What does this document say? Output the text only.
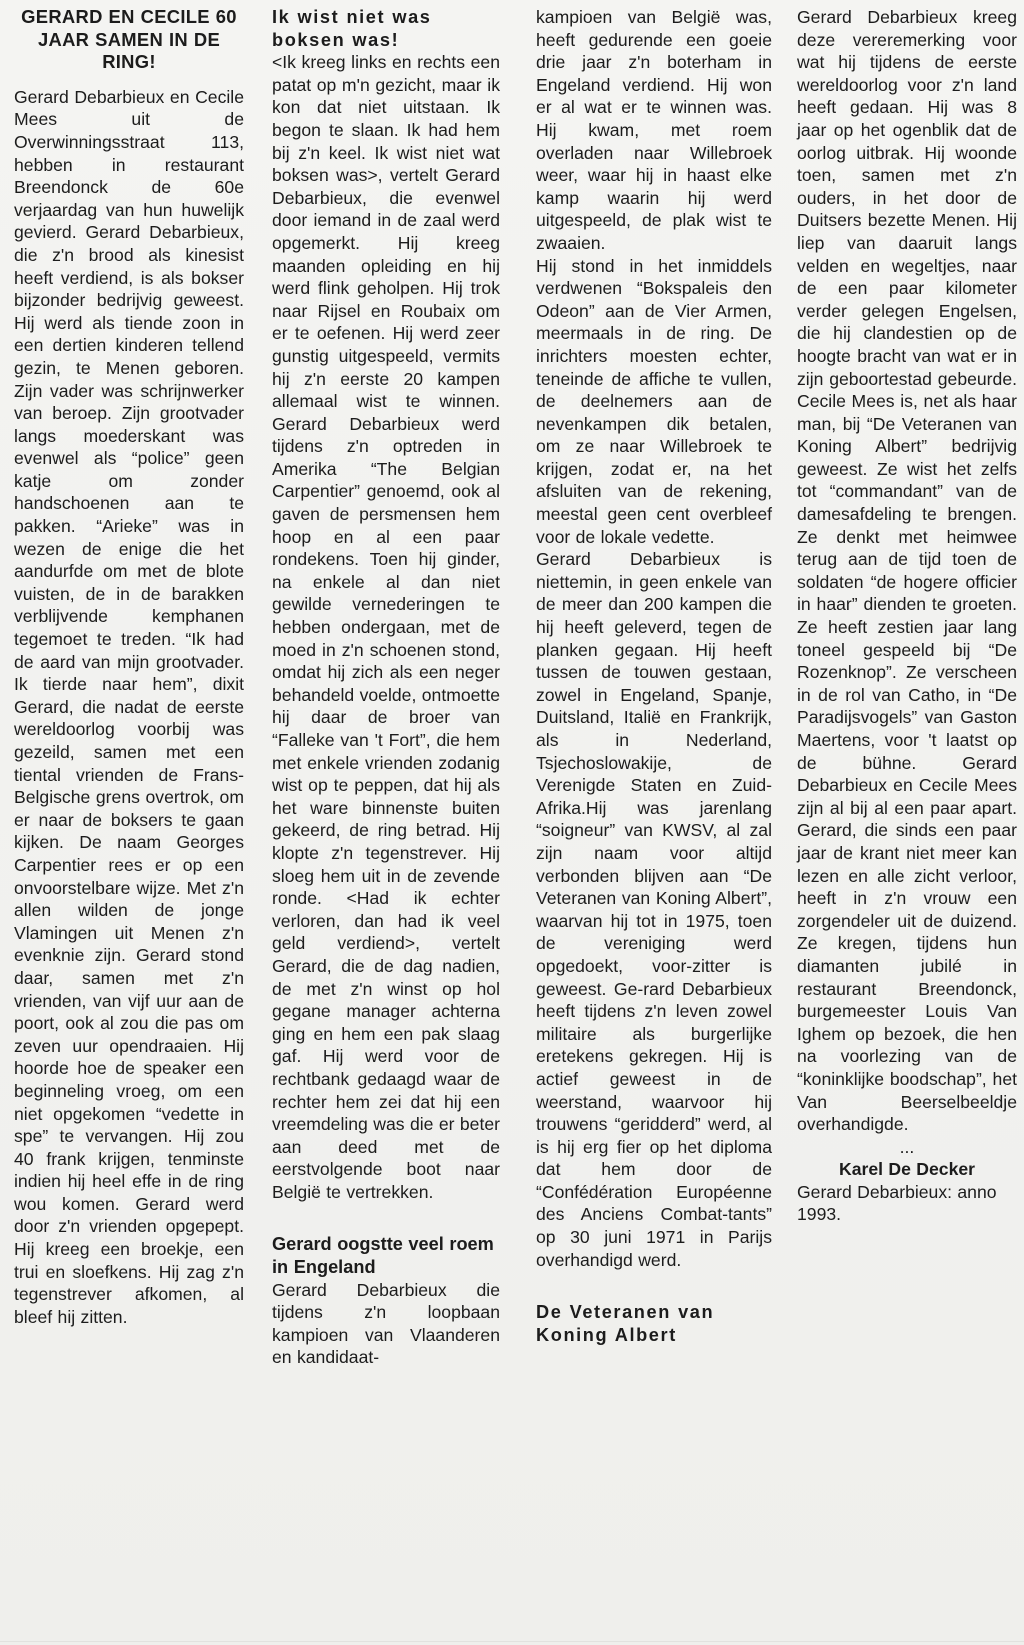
GERARD EN CECILE 60 JAAR SAMEN IN DE RING!

Gerard Debarbieux en Cecile Mees uit de Overwinningsstraat 113, hebben in restaurant Breendonck de 60e verjaardag van hun huwelijk gevierd. Gerard Debarbieux, die z'n brood als kinesist heeft verdiend, is als bokser bijzonder bedrijvig geweest. Hij werd als tiende zoon in een dertien kinderen tellend gezin, te Menen geboren. Zijn vader was schrijnwerker van beroep. Zijn grootvader langs moederskant was evenwel als “police” geen katje om zonder handschoenen aan te pakken. “Arieke” was in wezen de enige die het aandurfde om met de blote vuisten, de in de barakken verblijvende kemphanen tegemoet te treden. “Ik had de aard van mijn grootvader. Ik tierde naar hem”, dixit Gerard, die nadat de eerste wereldoorlog voorbij was gezeild, samen met een tiental vrienden de Frans-Belgische grens overtrok, om er naar de boksers te gaan kijken. De naam Georges Carpentier rees er op een onvoorstelbare wijze. Met z'n allen wilden de jonge Vlamingen uit Menen z'n evenknie zijn. Gerard stond daar, samen met z'n vrienden, van vijf uur aan de poort, ook al zou die pas om zeven uur opendraaien. Hij hoorde hoe de speaker een beginneling vroeg, om een niet opgekomen “vedette in spe” te vervangen. Hij zou 40 frank krijgen, tenminste indien hij heel effe in de ring wou komen. Gerard werd door z'n vrienden opgepept. Hij kreeg een broekje, een trui en sloefkens. Hij zag z'n tegenstrever afkomen, al bleef hij zitten.

Ik wist niet was boksen was!

<Ik kreeg links en rechts een patat op m'n gezicht, maar ik kon dat niet uitstaan. Ik begon te slaan. Ik had hem bij z'n keel. Ik wist niet wat boksen was>, vertelt Gerard Debarbieux, die evenwel door iemand in de zaal werd opgemerkt. Hij kreeg maanden opleiding en hij werd flink geholpen. Hij trok naar Rijsel en Roubaix om er te oefenen. Hij werd zeer gunstig uitgespeeld, vermits hij z'n eerste 20 kampen allemaal wist te winnen. Gerard Debarbieux werd tijdens z'n optreden in Amerika “The Belgian Carpentier” genoemd, ook al gaven de persmensen hem hoop en al een paar rondekens. Toen hij ginder, na enkele al dan niet gewilde vernederingen te hebben ondergaan, met de moed in z'n schoenen stond, omdat hij zich als een neger behandeld voelde, ontmoette hij daar de broer van “Falleke van 't Fort”, die hem met enkele vrienden zodanig wist op te peppen, dat hij als het ware binnenste buiten gekeerd, de ring betrad. Hij klopte z'n tegenstrever. Hij sloeg hem uit in de zevende ronde. <Had ik echter verloren, dan had ik veel geld verdiend>, vertelt Gerard, die de dag nadien, de met z'n winst op hol gegane manager achterna ging en hem een pak slaag gaf. Hij werd voor de rechtbank gedaagd waar de rechter hem zei dat hij een vreemdeling was die er beter aan deed met de eerstvolgende boot naar België te vertrekken.

Gerard oogstte veel roem in Engeland

Gerard Debarbieux die tijdens z'n loopbaan kampioen van Vlaanderen en kandidaat-

kampioen van België was, heeft gedurende een goeie drie jaar z'n boterham in Engeland verdiend. Hij won er al wat er te winnen was. Hij kwam, met roem overladen naar Willebroek weer, waar hij in haast elke kamp waarin hij werd uitgespeeld, de plak wist te zwaaien.

Hij stond in het inmiddels verdwenen “Bokspaleis den Odeon” aan de Vier Armen, meermaals in de ring. De inrichters moesten echter, teneinde de affiche te vullen, de deelnemers aan de nevenkampen dik betalen, om ze naar Willebroek te krijgen, zodat er, na het afsluiten van de rekening, meestal geen cent overbleef voor de lokale vedette.

Gerard Debarbieux is niettemin, in geen enkele van de meer dan 200 kampen die hij heeft geleverd, tegen de planken gegaan. Hij heeft tussen de touwen gestaan, zowel in Engeland, Spanje, Duitsland, Italië en Frankrijk, als in Nederland, Tsjechoslowakije, de Verenigde Staten en Zuid-Afrika.Hij was jarenlang “soigneur” van KWSV, al zal zijn naam voor altijd verbonden blijven aan “De Veteranen van Koning Albert”, waarvan hij tot in 1975, toen de vereniging werd opgedoekt, voor-zitter is geweest. Ge-rard Debarbieux heeft tijdens z'n leven zowel militaire als burgerlijke eretekens gekregen. Hij is actief geweest in de weerstand, waarvoor hij trouwens “geridderd” werd, al is hij erg fier op het diploma dat hem door de “Confédération Européenne des Anciens Combat-tants” op 30 juni 1971 in Parijs overhandigd werd.

De Veteranen van Koning Albert

Gerard Debarbieux kreeg deze vereremerking voor wat hij tijdens de eerste wereldoorlog voor z'n land heeft gedaan. Hij was 8 jaar op het ogenblik dat de oorlog uitbrak. Hij woonde toen, samen met z'n ouders, in het door de Duitsers bezette Menen. Hij liep van daaruit langs velden en wegeltjes, naar de een paar kilometer verder gelegen Engelsen, die hij clandestien op de hoogte bracht van wat er in zijn geboortestad gebeurde. Cecile Mees is, net als haar man, bij “De Veteranen van Koning Albert” bedrijvig geweest. Ze wist het zelfs tot “commandant” van de damesafdeling te brengen. Ze denkt met heimwee terug aan de tijd toen de soldaten “de hogere officier in haar” dienden te groeten. Ze heeft zestien jaar lang toneel gespeeld bij “De Rozenknop”. Ze verscheen in de rol van Catho, in “De Paradijsvogels” van Gaston Maertens, voor 't laatst op de bühne. Gerard Debarbieux en Cecile Mees zijn al bij al een paar apart. Gerard, die sinds een paar jaar de krant niet meer kan lezen en alle zicht verloor, heeft in z'n vrouw een zorgendeler uit de duizend. Ze kregen, tijdens hun diamanten jubilé in restaurant Breendonck, burgemeester Louis Van Ighem op bezoek, die hen na voorlezing van de “koninklijke boodschap”, het Van Beerselbeeldje overhandigde.

...

Karel De Decker

Gerard Debarbieux: anno 1993.
